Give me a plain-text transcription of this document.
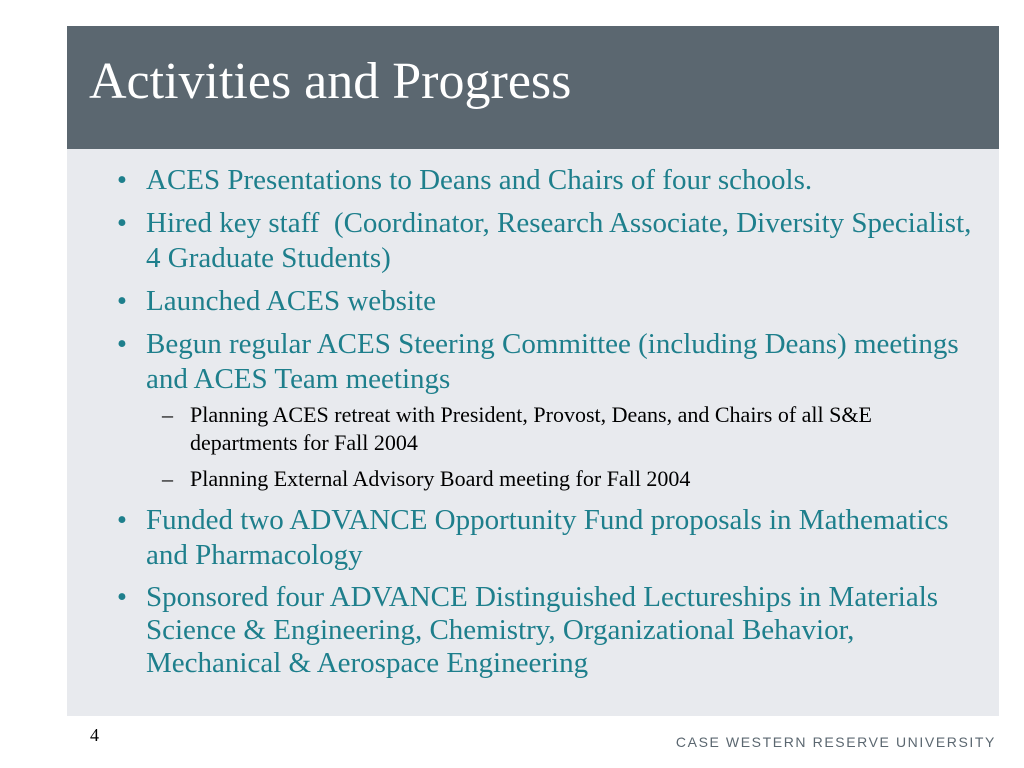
Activities and Progress
• ACES Presentations to Deans and Chairs of four schools.
• Hired key staff  (Coordinator, Research Associate, Diversity Specialist, 4 Graduate Students)
• Launched ACES website
• Begun regular ACES Steering Committee (including Deans) meetings and ACES Team meetings
– Planning ACES retreat with President, Provost, Deans, and Chairs of all S&E departments for Fall 2004
– Planning External Advisory Board meeting for Fall 2004
• Funded two ADVANCE Opportunity Fund proposals in Mathematics and Pharmacology
• Sponsored four ADVANCE Distinguished Lectureships in Materials Science & Engineering, Chemistry, Organizational Behavior, Mechanical & Aerospace Engineering
4	CASE WESTERN RESERVE UNIVERSITY
